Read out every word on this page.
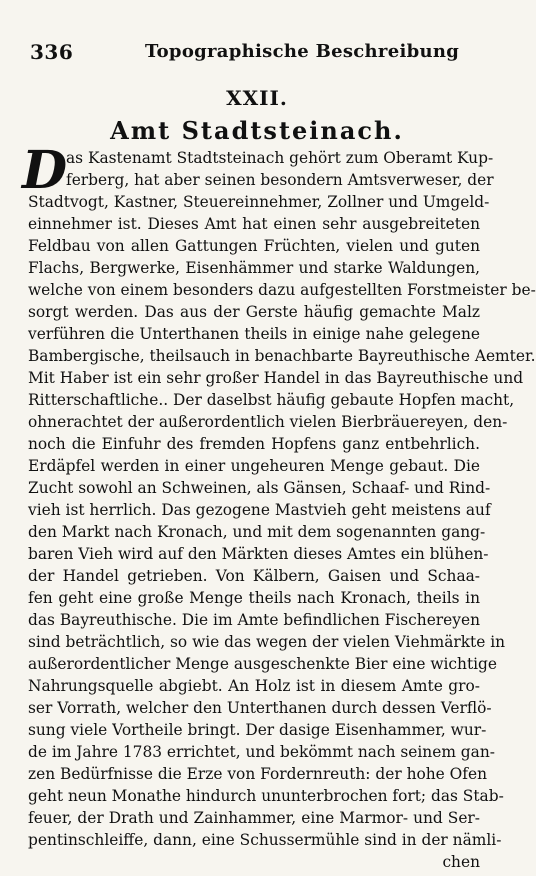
336	Topographische Beschreibung
XXII.
Amt Stadtsteinach.
D
as Kastenamt Stadtsteinach gehört zum Oberamt Kup-
ferberg, hat aber seinen besondern Amtsverweser, der
Stadtvogt, Kastner, Steuereinnehmer, Zollner und Umgeld-
einnehmer ist. Dieses Amt hat einen sehr ausgebreiteten
Feldbau von allen Gattungen Früchten, vielen und guten
Flachs, Bergwerke, Eisenhämmer und starke Waldungen,
welche von einem besonders dazu aufgestellten Forstmeister be-
sorgt werden. Das aus der Gerste häufig gemachte Malz
verführen die Unterthanen theils in einige nahe gelegene
Bambergische, theilsauch in benachbarte Bayreuthische Aemter.
Mit Haber ist ein sehr großer Handel in das Bayreuthische und
Ritterschaftliche.. Der daselbst häufig gebaute Hopfen macht,
ohnerachtet der außerordentlich vielen Bierbräuereyen, den-
noch die Einfuhr des fremden Hopfens ganz entbehrlich.
Erdäpfel werden in einer ungeheuren Menge gebaut. Die
Zucht sowohl an Schweinen, als Gänsen, Schaaf- und Rind-
vieh ist herrlich. Das gezogene Mastvieh geht meistens auf
den Markt nach Kronach, und mit dem sogenannten gang-
baren Vieh wird auf den Märkten dieses Amtes ein blühen-
der Handel getrieben. Von Kälbern, Gaisen und Schaa-
fen geht eine große Menge theils nach Kronach, theils in
das Bayreuthische. Die im Amte befindlichen Fischereyen
sind beträchtlich, so wie das wegen der vielen Viehmärkte in
außerordentlicher Menge ausgeschenkte Bier eine wichtige
Nahrungsquelle abgiebt. An Holz ist in diesem Amte gro-
ser Vorrath, welcher den Unterthanen durch dessen Verflö-
sung viele Vortheile bringt. Der dasige Eisenhammer, wur-
de im Jahre 1783 errichtet, und bekömmt nach seinem gan-
zen Bedürfnisse die Erze von Fordernreuth: der hohe Ofen
geht neun Monathe hindurch ununterbrochen fort; das Stab-
feuer, der Drath und Zainhammer, eine Marmor- und Ser-
pentinschleiffe, dann, eine Schussermühle sind in der nämli-
chen
